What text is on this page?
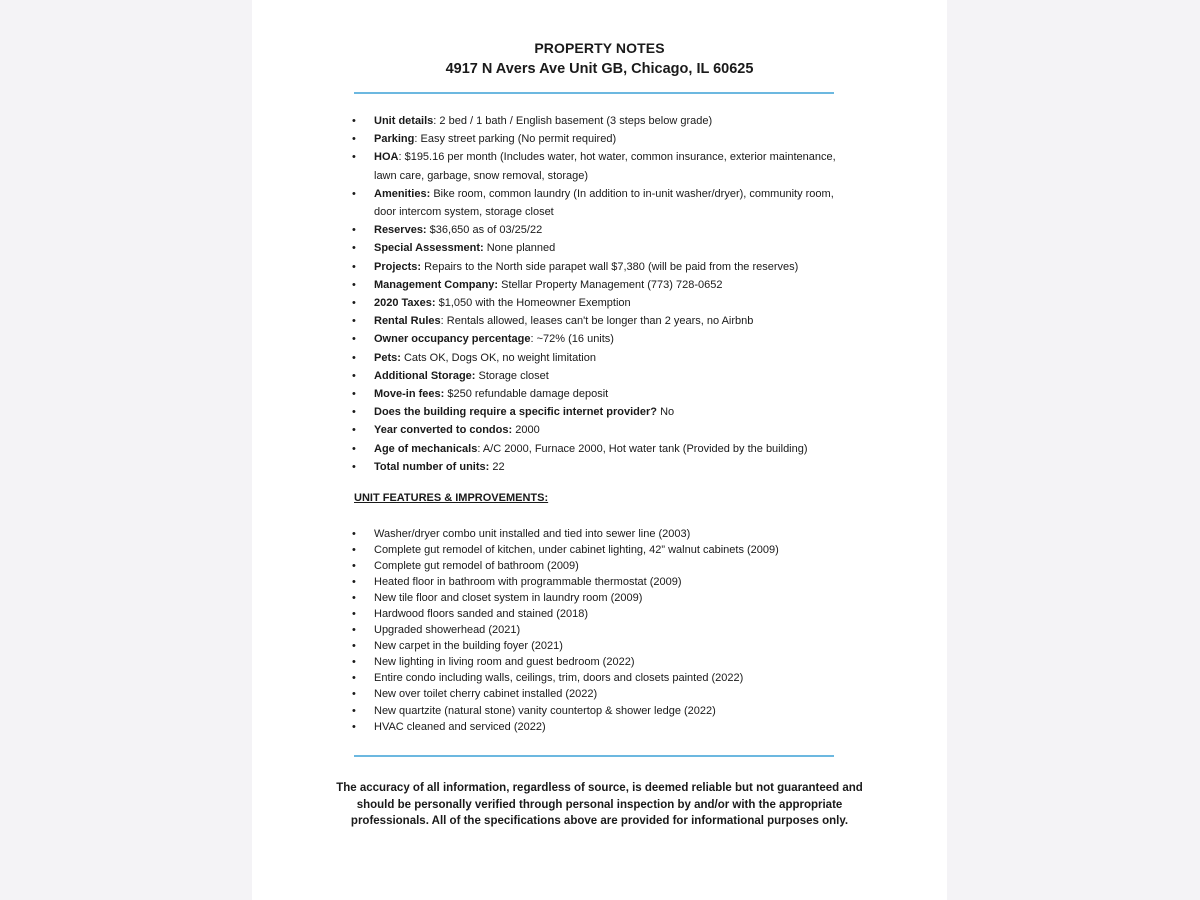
PROPERTY NOTES
4917 N Avers Ave Unit GB, Chicago, IL 60625
•	Unit details: 2 bed / 1 bath / English basement (3 steps below grade)
•	Parking: Easy street parking (No permit required)
•	HOA: $195.16 per month (Includes water, hot water, common insurance, exterior maintenance, lawn care, garbage, snow removal, storage)
•	Amenities: Bike room, common laundry (In addition to in-unit washer/dryer), community room, door intercom system, storage closet
•	Reserves: $36,650 as of 03/25/22
•	Special Assessment: None planned
•	Projects: Repairs to the North side parapet wall $7,380 (will be paid from the reserves)
•	Management Company: Stellar Property Management (773) 728-0652
•	2020 Taxes: $1,050 with the Homeowner Exemption
•	Rental Rules: Rentals allowed, leases can't be longer than 2 years, no Airbnb
•	Owner occupancy percentage: ~72% (16 units)
•	Pets: Cats OK, Dogs OK, no weight limitation
•	Additional Storage: Storage closet
•	Move-in fees: $250 refundable damage deposit
•	Does the building require a specific internet provider? No
•	Year converted to condos: 2000
•	Age of mechanicals: A/C 2000, Furnace 2000, Hot water tank (Provided by the building)
•	Total number of units: 22
UNIT FEATURES & IMPROVEMENTS:
•	Washer/dryer combo unit installed and tied into sewer line (2003)
•	Complete gut remodel of kitchen, under cabinet lighting, 42” walnut cabinets (2009)
•	Complete gut remodel of bathroom (2009)
•	Heated floor in bathroom with programmable thermostat (2009)
•	New tile floor and closet system in laundry room (2009)
•	Hardwood floors sanded and stained (2018)
•	Upgraded showerhead (2021)
•	New carpet in the building foyer (2021)
•	New lighting in living room and guest bedroom (2022)
•	Entire condo including walls, ceilings, trim, doors and closets painted (2022)
•	New over toilet cherry cabinet installed (2022)
•	New quartzite (natural stone) vanity countertop & shower ledge (2022)
•	HVAC cleaned and serviced (2022)
The accuracy of all information, regardless of source, is deemed reliable but not guaranteed and should be personally verified through personal inspection by and/or with the appropriate professionals. All of the specifications above are provided for informational purposes only.
